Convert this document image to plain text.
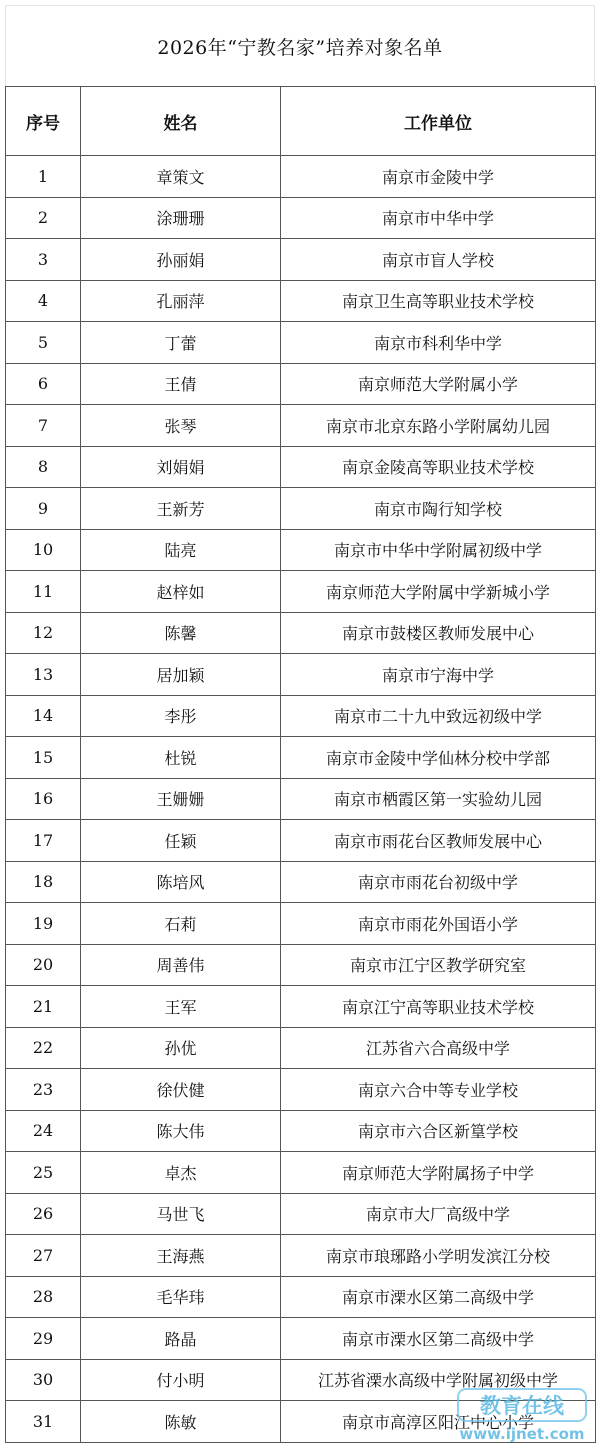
2026年“宁教名家”培养对象名单
序号	姓名	工作单位
1	章策文	南京市金陵中学
2	涂珊珊	南京市中华中学
3	孙丽娟	南京市盲人学校
4	孔丽萍	南京卫生高等职业技术学校
5	丁蕾	南京市科利华中学
6	王倩	南京师范大学附属小学
7	张琴	南京市北京东路小学附属幼儿园
8	刘娟娟	南京金陵高等职业技术学校
9	王新芳	南京市陶行知学校
10	陆亮	南京市中华中学附属初级中学
11	赵梓如	南京师范大学附属中学新城小学
12	陈馨	南京市鼓楼区教师发展中心
13	居加颖	南京市宁海中学
14	李彤	南京市二十九中致远初级中学
15	杜锐	南京市金陵中学仙林分校中学部
16	王姗姗	南京市栖霞区第一实验幼儿园
17	任颖	南京市雨花台区教师发展中心
18	陈培风	南京市雨花台初级中学
19	石莉	南京市雨花外国语小学
20	周善伟	南京市江宁区教学研究室
21	王军	南京江宁高等职业技术学校
22	孙优	江苏省六合高级中学
23	徐伏健	南京六合中等专业学校
24	陈大伟	南京市六合区新篁学校
25	卓杰	南京师范大学附属扬子中学
26	马世飞	南京市大厂高级中学
27	王海燕	南京市琅琊路小学明发滨江分校
28	毛华玮	南京市溧水区第二高级中学
29	路晶	南京市溧水区第二高级中学
30	付小明	江苏省溧水高级中学附属初级中学
31	陈敏	南京市高淳区阳江中心小学
教育在线
www.ijnet.com
